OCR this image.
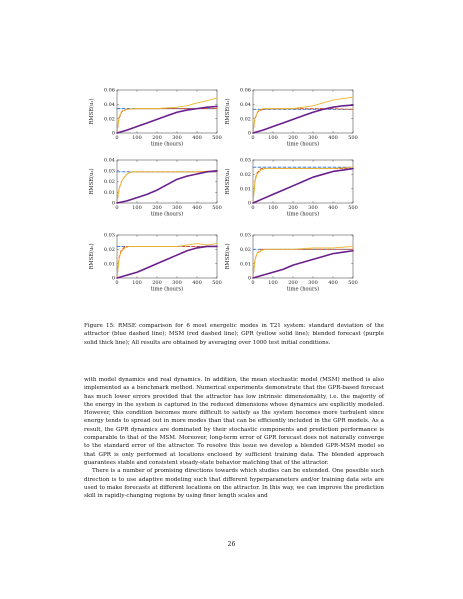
0	100 200 300 400 500
0
0.02
0.04
0.06
time (hours)
RMSE(u₁)
0	100 200 300 400 500
0
0.02
0.04
0.06
time (hours)
RMSE(u₂)
0	100 200 300 400 500
0
0.01
0.02
0.03
0.04
time (hours)
RMSE(u₃)
0	100 200 300 400 500
0
0.01
0.02
0.03
time (hours)
RMSE(u₄)
0	100 200 300 400 500
0
0.01
0.02
0.03
time (hours)
RMSE(u₅)
0	100 200 300 400 500
0
0.01
0.02
0.03
time (hours)
RMSE(u₆)
Figure 15: RMSE comparison for 6 most energetic modes in T21 system: standard deviation of the attractor (blue dashed line); MSM (red dashed line); GPR (yellow solid line); blended forecast (purple solid thick line); All results are obtained by averaging over 1000 test initial conditions.

with model dynamics and real dynamics. In addition, the mean stochastic model (MSM) method is also implemented as a benchmark method. Numerical experiments demonstrate that the GPR-based forecast has much lower errors provided that the attractor has low intrinsic dimensionality, i.e. the majority of the energy in the system is captured in the reduced dimensions whose dynamics are explicitly modeled. However, this condition becomes more difficult to satisfy as the system becomes more turbulent since energy tends to spread out in more modes than that can be efficiently included in the GPR models. As a result, the GPR dynamics are dominated by their stochastic components and prediction performance is comparable to that of the MSM. Moreover, long-term error of GPR forecast does not naturally converge to the standard error of the attractor. To resolve this issue we develop a blended GPR-MSM model so that GPR is only performed at locations enclosed by sufficient training data. The blended approach guarantees stable and consistent steady-state behavior matching that of the attractor.

There is a number of promising directions towards which studies can be extended. One possible such direction is to use adaptive modeling such that different hyperparameters and/or training data sets are used to make forecasts at different locations on the attractor. In this way, we can improve the prediction skill in rapidly-changing regions by using finer length scales and

26
